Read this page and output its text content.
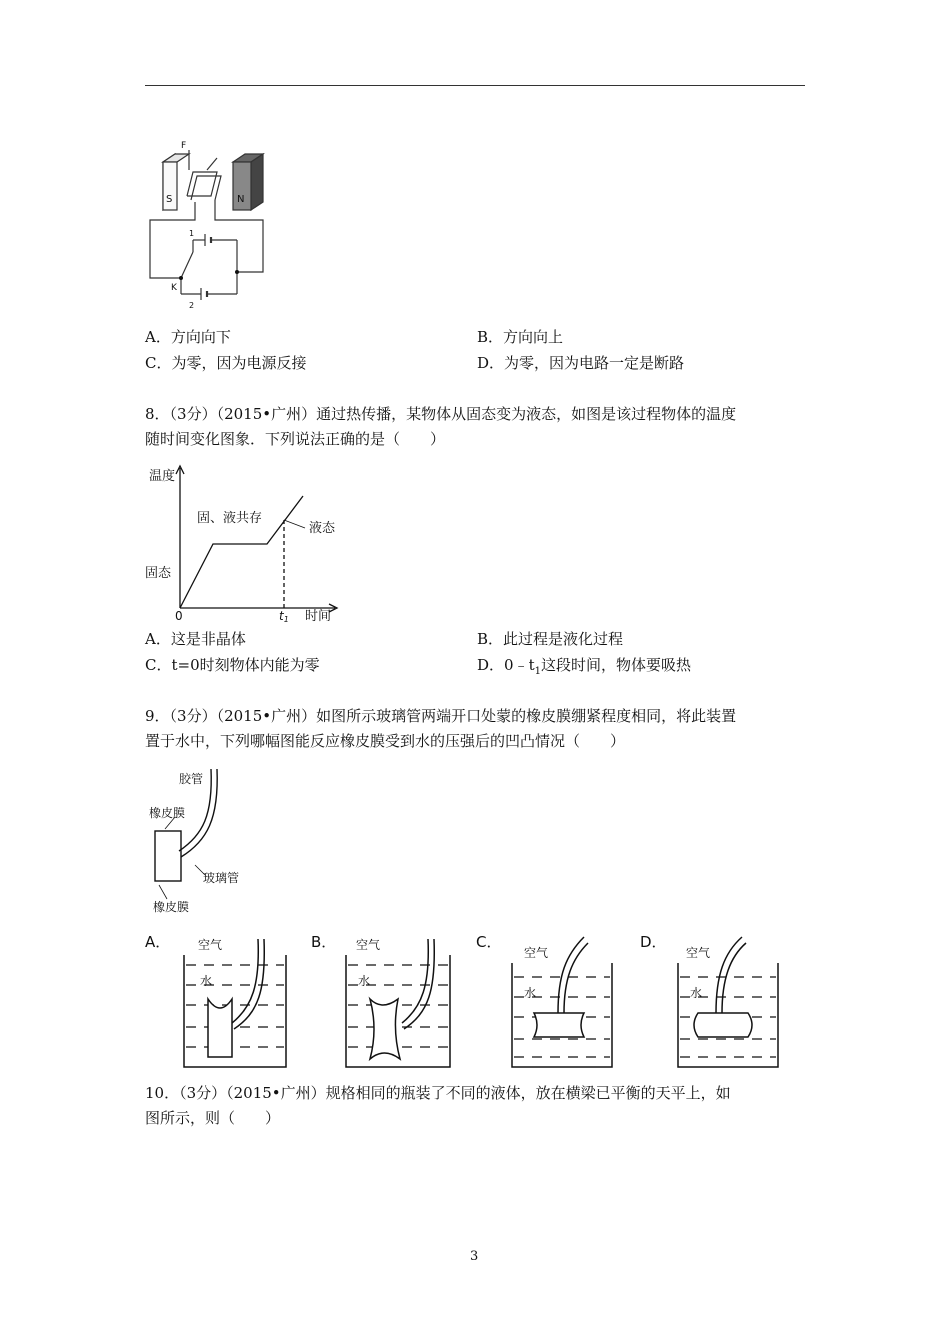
F
S	N
K
1
2
A．方向向下	B．方向向上
C．为零，因为电源反接	D．为零，因为电路一定是断路
8．（3分）（2015•广州）通过热传播，某物体从固态变为液态，如图是该过程物体的温度
随时间变化图象．下列说法正确的是（　　）
温度
固、液共存
液态
固态
0	t1 时间
A．这是非晶体	B．此过程是液化过程
C．t=0时刻物体内能为零	D．$0﹣t_1$这段时间，物体要吸热
9．（3分）（2015•广州）如图所示玻璃管两端开口处蒙的橡皮膜绷紧程度相同，将此装置
置于水中，下列哪幅图能反应橡皮膜受到水的压强后的凹凸情况（　　）
胶管
橡皮膜
玻璃管
橡皮膜
A． 空气
水
B． 空气
水
C．
空气
水
D．
空气
水
10．（3分）（2015•广州）规格相同的瓶装了不同的液体，放在横梁已平衡的天平上，如
图所示，则（　　）
3
